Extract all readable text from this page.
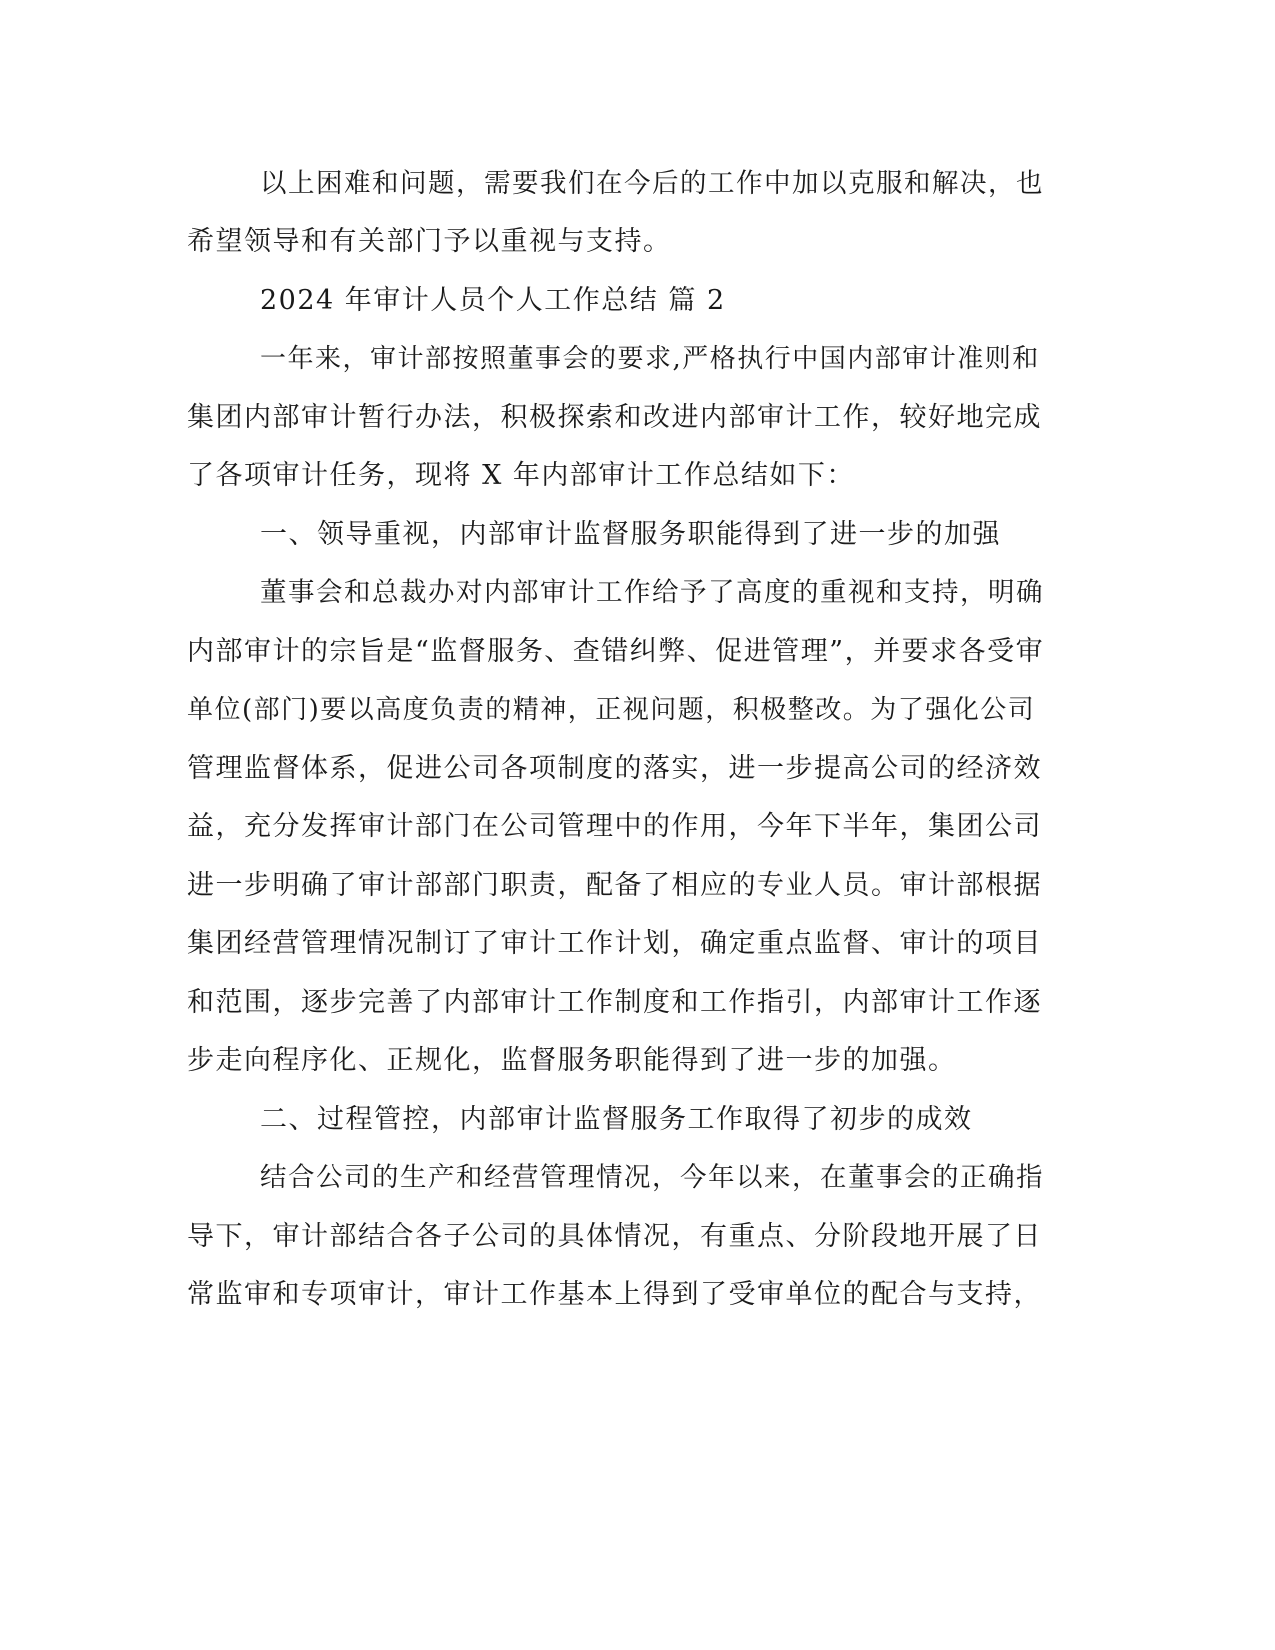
以上困难和问题，需要我们在今后的工作中加以克服和解决，也

希望领导和有关部门予以重视与支持。

2024 年审计人员个人工作总结 篇 2

一年来，审计部按照董事会的要求,严格执行中国内部审计准则和

集团内部审计暂行办法，积极探索和改进内部审计工作，较好地完成

了各项审计任务，现将 X 年内部审计工作总结如下：

一、领导重视，内部审计监督服务职能得到了进一步的加强

董事会和总裁办对内部审计工作给予了高度的重视和支持，明确

内部审计的宗旨是“监督服务、查错纠弊、促进管理”，并要求各受审

单位(部门)要以高度负责的精神，正视问题，积极整改。为了强化公司

管理监督体系，促进公司各项制度的落实，进一步提高公司的经济效

益，充分发挥审计部门在公司管理中的作用，今年下半年，集团公司

进一步明确了审计部部门职责，配备了相应的专业人员。审计部根据

集团经营管理情况制订了审计工作计划，确定重点监督、审计的项目

和范围，逐步完善了内部审计工作制度和工作指引，内部审计工作逐

步走向程序化、正规化，监督服务职能得到了进一步的加强。

二、过程管控，内部审计监督服务工作取得了初步的成效

结合公司的生产和经营管理情况，今年以来，在董事会的正确指

导下，审计部结合各子公司的具体情况，有重点、分阶段地开展了日

常监审和专项审计，审计工作基本上得到了受审单位的配合与支持，
